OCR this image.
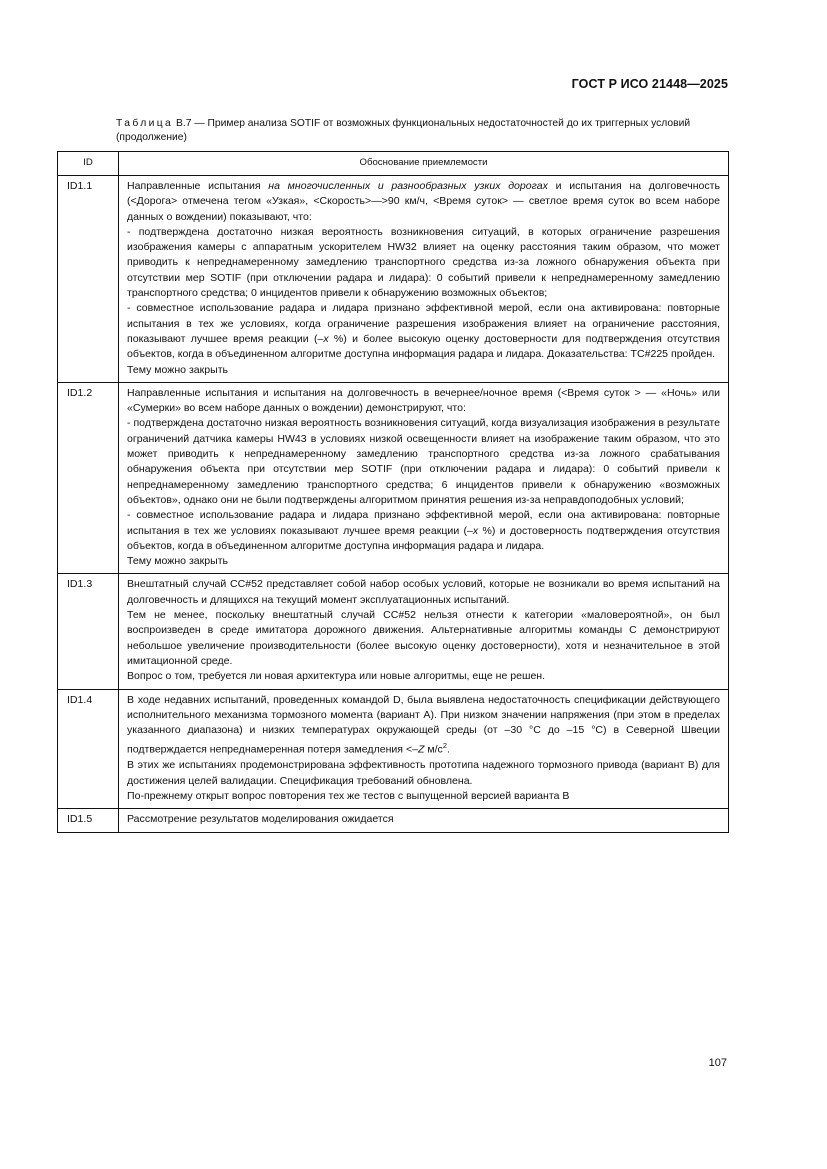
ГОСТ Р ИСО 21448—2025
Таблица В.7 — Пример анализа SOTIF от возможных функциональных недостаточностей до их триггерных условий (продолжение)
ID	Обоснование приемлемости
ID1.1	Направленные испытания на многочисленных и разнообразных узких дорогах и испытания на долговечность (<Дорога> отмечена тегом «Узкая», <Скорость>—>90 км/ч, <Время суток> — светлое время суток во всем наборе данных о вождении) показывают, что:
- подтверждена достаточно низкая вероятность возникновения ситуаций, в которых ограничение разрешения изображения камеры с аппаратным ускорителем HW32 влияет на оценку расстояния таким образом, что может приводить к непреднамеренному замедлению транспортного средства из-за ложного обнаружения объекта при отсутствии мер SOTIF (при отключении радара и лидара): 0 событий привели к непреднамеренному замедлению транспортного средства; 0 инцидентов привели к обнаружению возможных объектов;
- совместное использование радара и лидара признано эффективной мерой, если она активирована: повторные испытания в тех же условиях, когда ограничение разрешения изображения влияет на ограничение расстояния, показывают лучшее время реакции (–x %) и более высокую оценку достоверности для подтверждения отсутствия объектов, когда в объединенном алгоритме доступна информация радара и лидара. Доказательства: TC#225 пройден.
Тему можно закрыть

ID1.2	Направленные испытания и испытания на долговечность в вечернее/ночное время (<Время суток > — «Ночь» или «Сумерки» во всем наборе данных о вождении) демонстрируют, что:
- подтверждена достаточно низкая вероятность возникновения ситуаций, когда визуализация изображения в результате ограничений датчика камеры HW43 в условиях низкой освещенности влияет на изображение таким образом, что это может приводить к непреднамеренному замедлению транспортного средства из-за ложного срабатывания обнаружения объекта при отсутствии мер SOTIF (при отключении радара и лидара): 0 событий привели к непреднамеренному замедлению транспортного средства; 6 инцидентов привели к обнаружению «возможных объектов», однако они не были подтверждены алгоритмом принятия решения из-за неправдоподобных условий;
- совместное использование радара и лидара признано эффективной мерой, если она активирована: повторные испытания в тех же условиях показывают лучшее время реакции (–x %) и достоверность подтверждения отсутствия объектов, когда в объединенном алгоритме доступна информация радара и лидара.
Тему можно закрыть

ID1.3	Внештатный случай CC#52 представляет собой набор особых условий, которые не возникали во время испытаний на долговечность и длящихся на текущий момент эксплуатационных испытаний.
Тем не менее, поскольку внештатный случай CC#52 нельзя отнести к категории «маловероятной», он был воспроизведен в среде имитатора дорожного движения. Альтернативные алгоритмы команды C демонстрируют небольшое увеличение производительности (более высокую оценку достоверности), хотя и незначительное в этой имитационной среде.
Вопрос о том, требуется ли новая архитектура или новые алгоритмы, еще не решен.

ID1.4	В ходе недавних испытаний, проведенных командой D, была выявлена недостаточность спецификации действующего исполнительного механизма тормозного момента (вариант A). При низком значении напряжения (при этом в пределах указанного диапазона) и низких температурах окружающей среды (от –30 °C до –15 °C) в Северной Швеции подтверждается непреднамеренная потеря замедления <–Z $м/с^2$.
В этих же испытаниях продемонстрирована эффективность прототипа надежного тормозного привода (вариант B) для достижения целей валидации. Спецификация требований обновлена.
По-прежнему открыт вопрос повторения тех же тестов с выпущенной версией варианта B

ID1.5	Рассмотрение результатов моделирования ожидается
107
